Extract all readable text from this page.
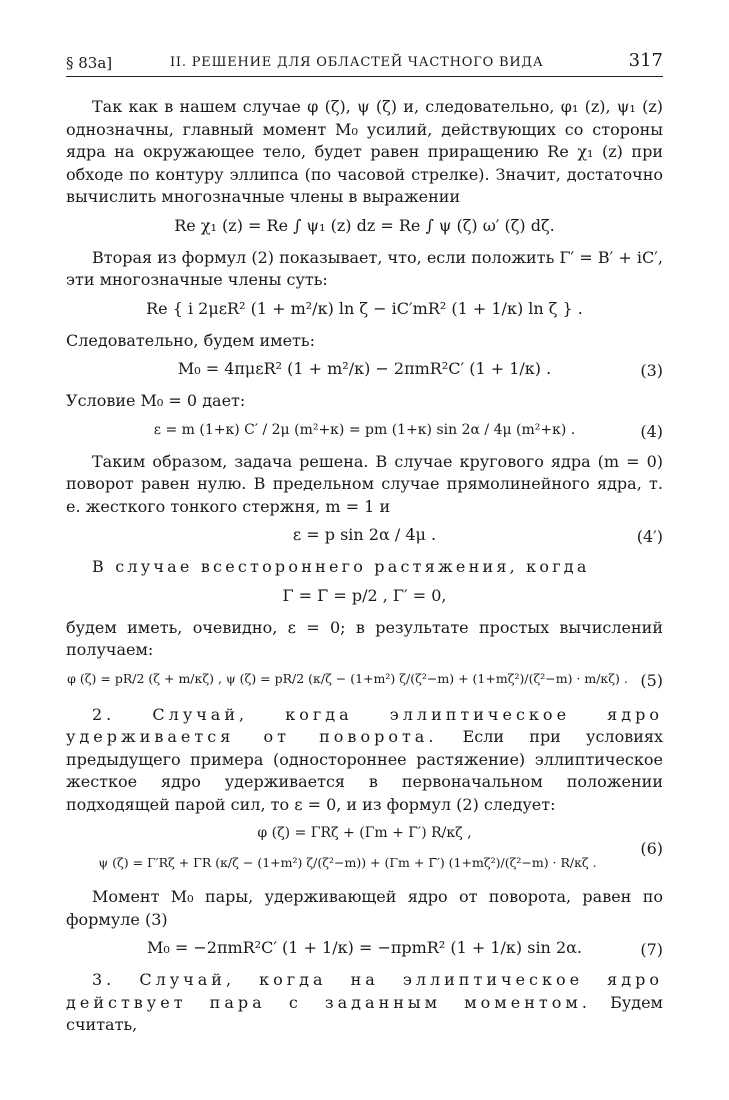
§ 83a]	II. РЕШЕНИЕ ДЛЯ ОБЛАСТЕЙ ЧАСТНОГО ВИДА	317

Так как в нашем случае φ (ζ), ψ (ζ) и, следовательно, φ₁ (z), ψ₁ (z) однозначны, главный момент M₀ усилий, действующих со стороны ядра на окружающее тело, будет равен приращению Re χ₁ (z) при обходе по контуру эллипса (по часовой стрелке). Значит, достаточно вычислить многозначные члены в выражении

Re χ₁ (z) = Re ∫ ψ₁ (z) dz = Re ∫ ψ (ζ) ω′ (ζ) dζ.

Вторая из формул (2) показывает, что, если положить Γ′ = B′ + iC′, эти многозначные члены суть:

Re { i 2μεR² (1 + m²/κ) ln ζ − iC′mR² (1 + 1/κ) ln ζ } .

Следовательно, будем иметь:

M₀ = 4πμεR² (1 + m²/κ) − 2πmR²C′ (1 + 1/κ) .	(3)

Условие M₀ = 0 дает:

ε = m (1+κ) C′ / 2μ (m²+κ) = pm (1+κ) sin 2α / 4μ (m²+κ) .	(4)

Таким образом, задача решена. В случае кругового ядра (m = 0) поворот равен нулю. В предельном случае прямолинейного ядра, т. е. жесткого тонкого стержня, m = 1 и

ε = p sin 2α / 4μ .	(4′)

В случае всестороннего растяжения, когда

Γ = Γ̄ = p/2 , Γ′ = 0,

будем иметь, очевидно, ε = 0; в результате простых вычислений получаем:

φ (ζ) = pR/2 (ζ + m/κζ) , ψ (ζ) = pR/2 (κ/ζ − (1+m²) ζ/(ζ²−m) + (1+mζ²)/(ζ²−m) · m/κζ) . (5)

2. Случай, когда эллиптическое ядро удерживается от поворота. Если при условиях предыдущего примера (одностороннее растяжение) эллиптическое жесткое ядро удерживается в первоначальном положении подходящей парой сил, то ε = 0, и из формул (2) следует:

φ (ζ) = ΓRζ + (Γm + Γ̄′) R/κζ ,
ψ (ζ) = Γ′Rζ + ΓR (κ/ζ − (1+m²) ζ/(ζ²−m)) + (Γm + Γ̄′) (1+mζ²)/(ζ²−m) · R/κζ .
(6)

Момент M₀ пары, удерживающей ядро от поворота, равен по формуле (3)

M₀ = −2πmR²C′ (1 + 1/κ) = −πpmR² (1 + 1/κ) sin 2α.	(7)

3. Случай, когда на эллиптическое ядро действует пара с заданным моментом. Будем считать,
